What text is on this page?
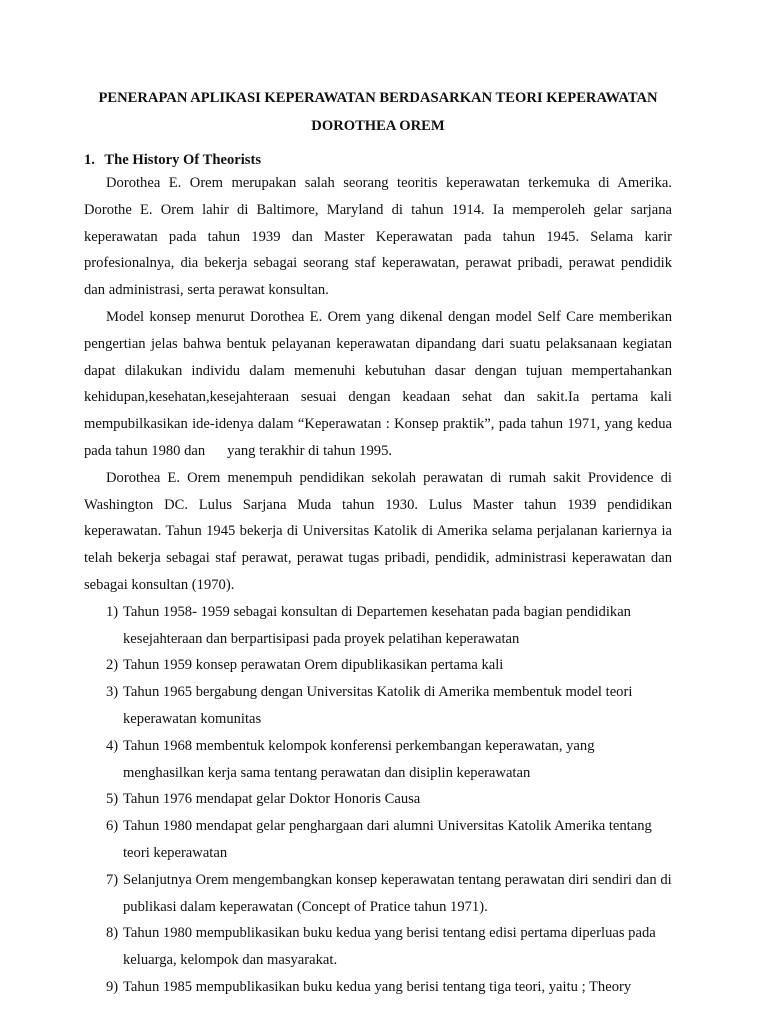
PENERAPAN APLIKASI KEPERAWATAN BERDASARKAN TEORI KEPERAWATAN
DOROTHEA OREM
1. The History Of Theorists

Dorothea E. Orem merupakan salah seorang teoritis keperawatan terkemuka di Amerika. Dorothe E. Orem lahir di Baltimore, Maryland di tahun 1914. Ia memperoleh gelar sarjana keperawatan pada tahun 1939 dan Master Keperawatan pada tahun 1945. Selama karir profesionalnya, dia bekerja sebagai seorang staf keperawatan, perawat pribadi, perawat pendidik dan administrasi, serta perawat konsultan.

Model konsep menurut Dorothea E. Orem yang dikenal dengan model Self Care memberikan pengertian jelas bahwa bentuk pelayanan keperawatan dipandang dari suatu pelaksanaan kegiatan dapat dilakukan individu dalam memenuhi kebutuhan dasar dengan tujuan mempertahankan kehidupan,kesehatan,kesejahteraan sesuai dengan keadaan sehat dan sakit.Ia pertama kali mempubilkasikan ide-idenya dalam “Keperawatan : Konsep praktik”, pada tahun 1971, yang kedua pada tahun 1980 dan      yang terakhir di tahun 1995.

Dorothea E. Orem menempuh pendidikan sekolah perawatan di rumah sakit Providence di Washington DC. Lulus Sarjana Muda tahun 1930. Lulus Master tahun 1939 pendidikan keperawatan. Tahun 1945 bekerja di Universitas Katolik di Amerika selama perjalanan kariernya ia telah bekerja sebagai staf perawat, perawat tugas pribadi, pendidik, administrasi keperawatan dan sebagai konsultan (1970).

1) Tahun 1958- 1959 sebagai konsultan di Departemen kesehatan pada bagian pendidikan kesejahteraan dan berpartisipasi pada proyek pelatihan keperawatan
2) Tahun 1959 konsep perawatan Orem dipublikasikan pertama kali
3) Tahun 1965 bergabung dengan Universitas Katolik di Amerika membentuk model teori keperawatan komunitas
4) Tahun 1968 membentuk kelompok konferensi perkembangan keperawatan, yang menghasilkan kerja sama tentang perawatan dan disiplin keperawatan
5) Tahun 1976 mendapat gelar Doktor Honoris Causa
6) Tahun 1980 mendapat gelar penghargaan dari alumni Universitas Katolik Amerika tentang teori keperawatan
7) Selanjutnya Orem mengembangkan konsep keperawatan tentang perawatan diri sendiri dan di publikasi dalam keperawatan (Concept of Pratice tahun 1971).
8) Tahun 1980 mempublikasikan buku kedua yang berisi tentang edisi pertama diperluas pada keluarga, kelompok dan masyarakat.
9) Tahun 1985 mempublikasikan buku kedua yang berisi tentang tiga teori, yaitu ; Theory
